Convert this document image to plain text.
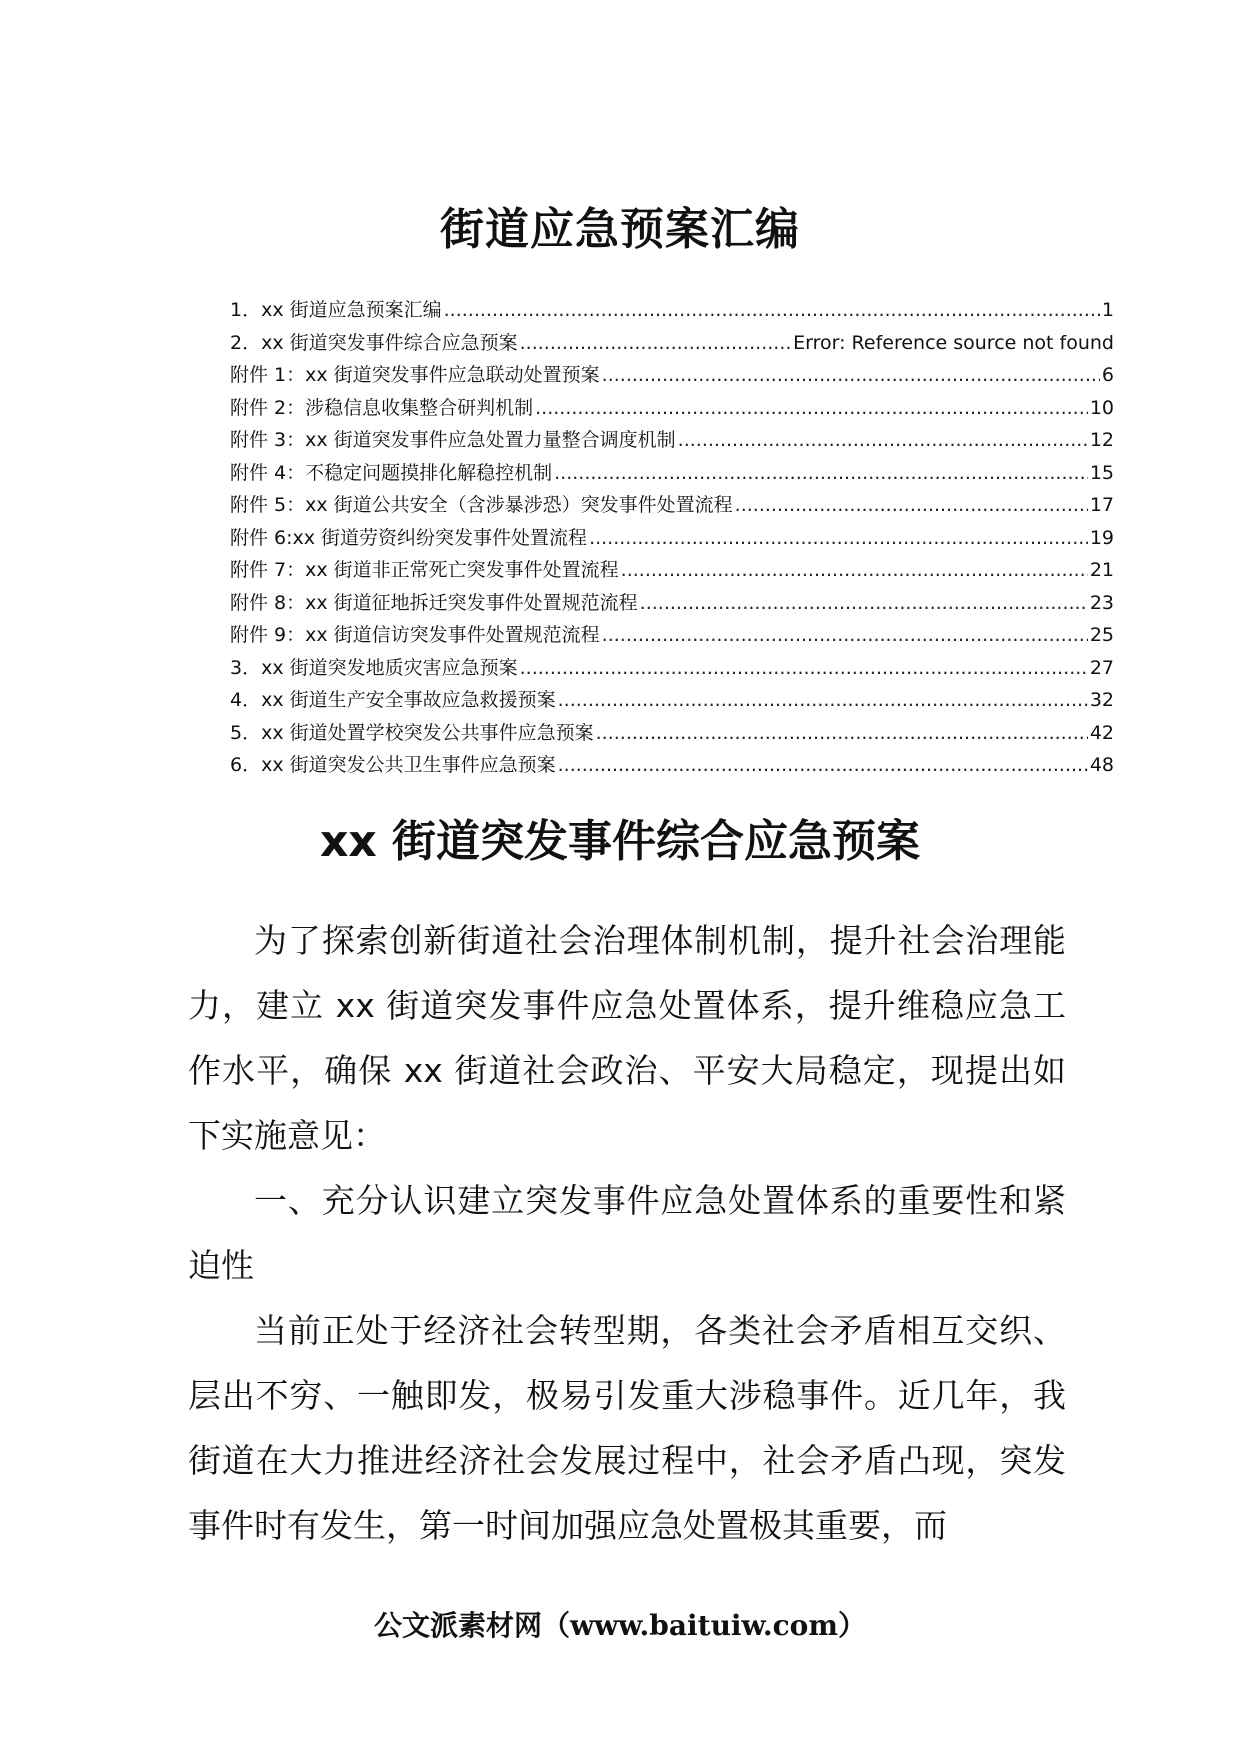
街道应急预案汇编
1．xx 街道应急预案汇编 .....	1
2．xx 街道突发事件综合应急预案 .....	Error: Reference source not found
附件 1：xx 街道突发事件应急联动处置预案 .....	6
附件 2：涉稳信息收集整合研判机制 .....	10
附件 3：xx 街道突发事件应急处置力量整合调度机制 .....	12
附件 4：不稳定问题摸排化解稳控机制 .....	15
附件 5：xx 街道公共安全（含涉暴涉恐）突发事件处置流程 .....	17
附件 6:xx 街道劳资纠纷突发事件处置流程 .....	19
附件 7：xx 街道非正常死亡突发事件处置流程 .....	21
附件 8：xx 街道征地拆迁突发事件处置规范流程 .....	23
附件 9：xx 街道信访突发事件处置规范流程 .....	25
3．xx 街道突发地质灾害应急预案 .....	27
4．xx 街道生产安全事故应急救援预案 .....	32
5．xx 街道处置学校突发公共事件应急预案 .....	42
6．xx 街道突发公共卫生事件应急预案 .....	48
xx 街道突发事件综合应急预案

为了探索创新街道社会治理体制机制，提升社会治理能力，建立 xx 街道突发事件应急处置体系，提升维稳应急工作水平，确保 xx 街道社会政治、平安大局稳定，现提出如下实施意见：

一、充分认识建立突发事件应急处置体系的重要性和紧迫性

当前正处于经济社会转型期，各类社会矛盾相互交织、层出不穷、一触即发，极易引发重大涉稳事件。近几年，我街道在大力推进经济社会发展过程中，社会矛盾凸现，突发事件时有发生，第一时间加强应急处置极其重要，而

公文派素材网（www.baituiw.com）
